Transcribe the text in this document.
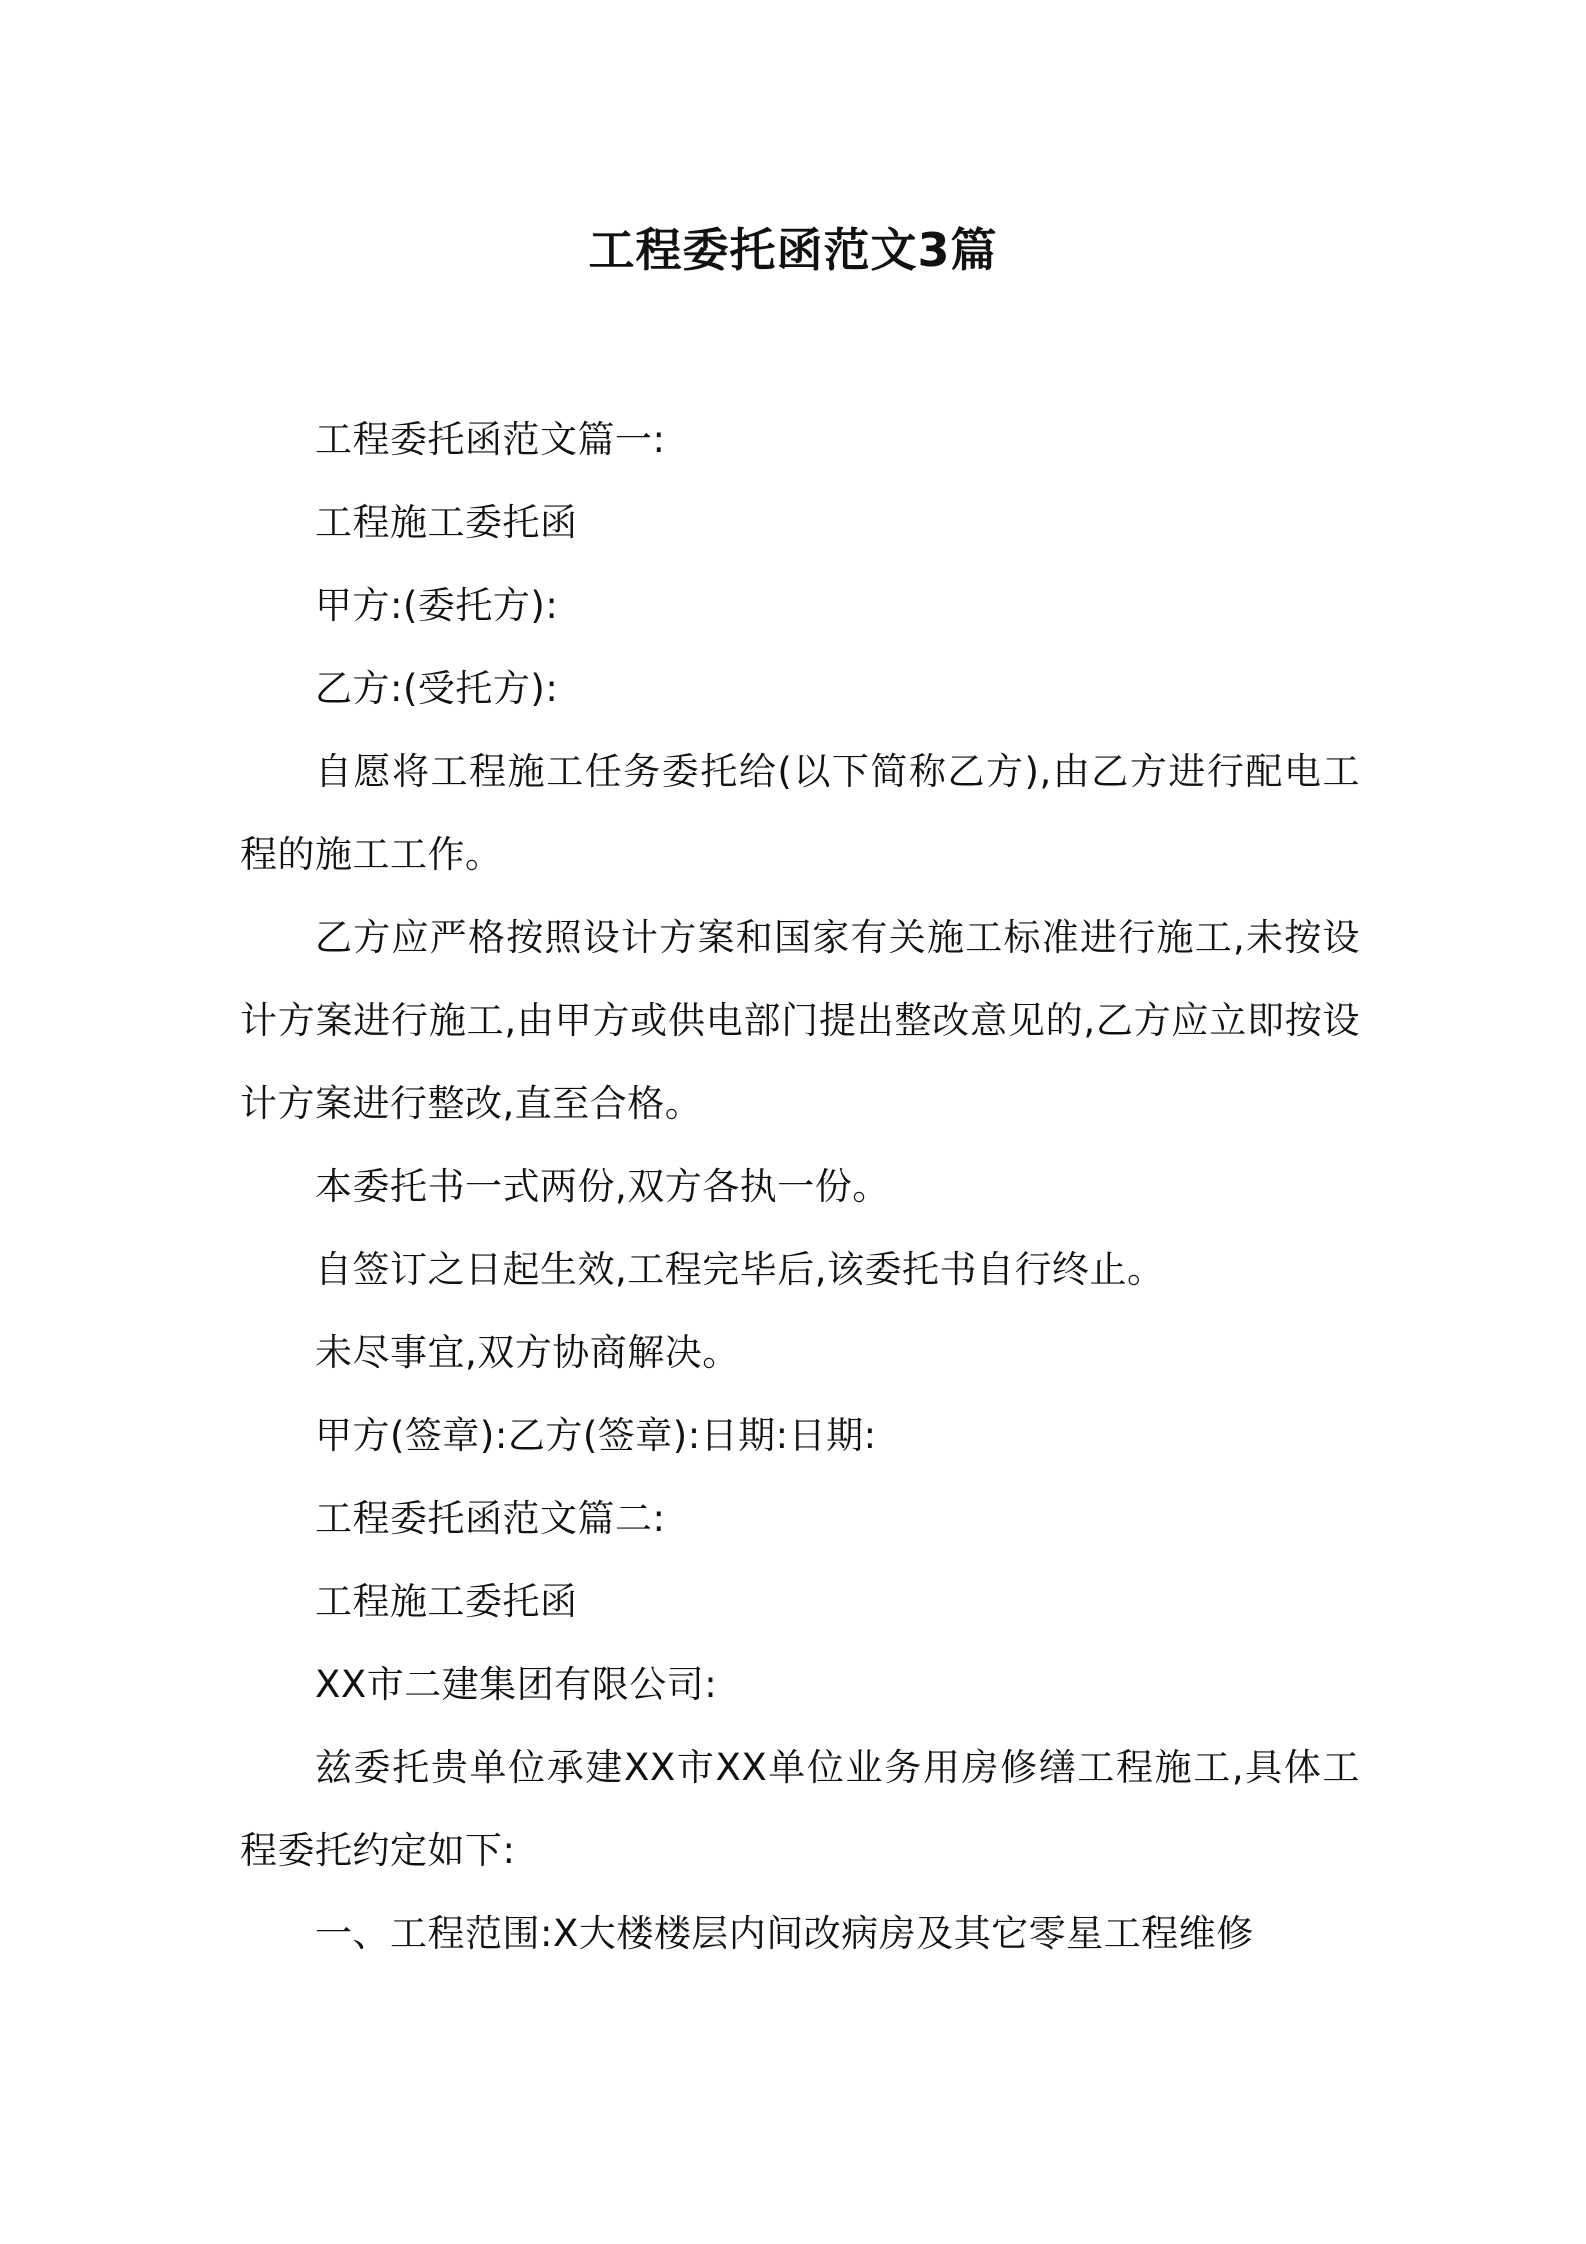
工程委托函范文3篇

工程委托函范文篇一:

工程施工委托函

甲方:(委托方):

乙方:(受托方):

自愿将工程施工任务委托给(以下简称乙方),由乙方进行配电工程的施工工作。

乙方应严格按照设计方案和国家有关施工标准进行施工,未按设计方案进行施工,由甲方或供电部门提出整改意见的,乙方应立即按设计方案进行整改,直至合格。

本委托书一式两份,双方各执一份。

自签订之日起生效,工程完毕后,该委托书自行终止。

未尽事宜,双方协商解决。

甲方(签章):乙方(签章):日期:日期:

工程委托函范文篇二:

工程施工委托函

XX市二建集团有限公司:

兹委托贵单位承建XX市XX单位业务用房修缮工程施工,具体工程委托约定如下:

一、工程范围:X大楼楼层内间改病房及其它零星工程维修
